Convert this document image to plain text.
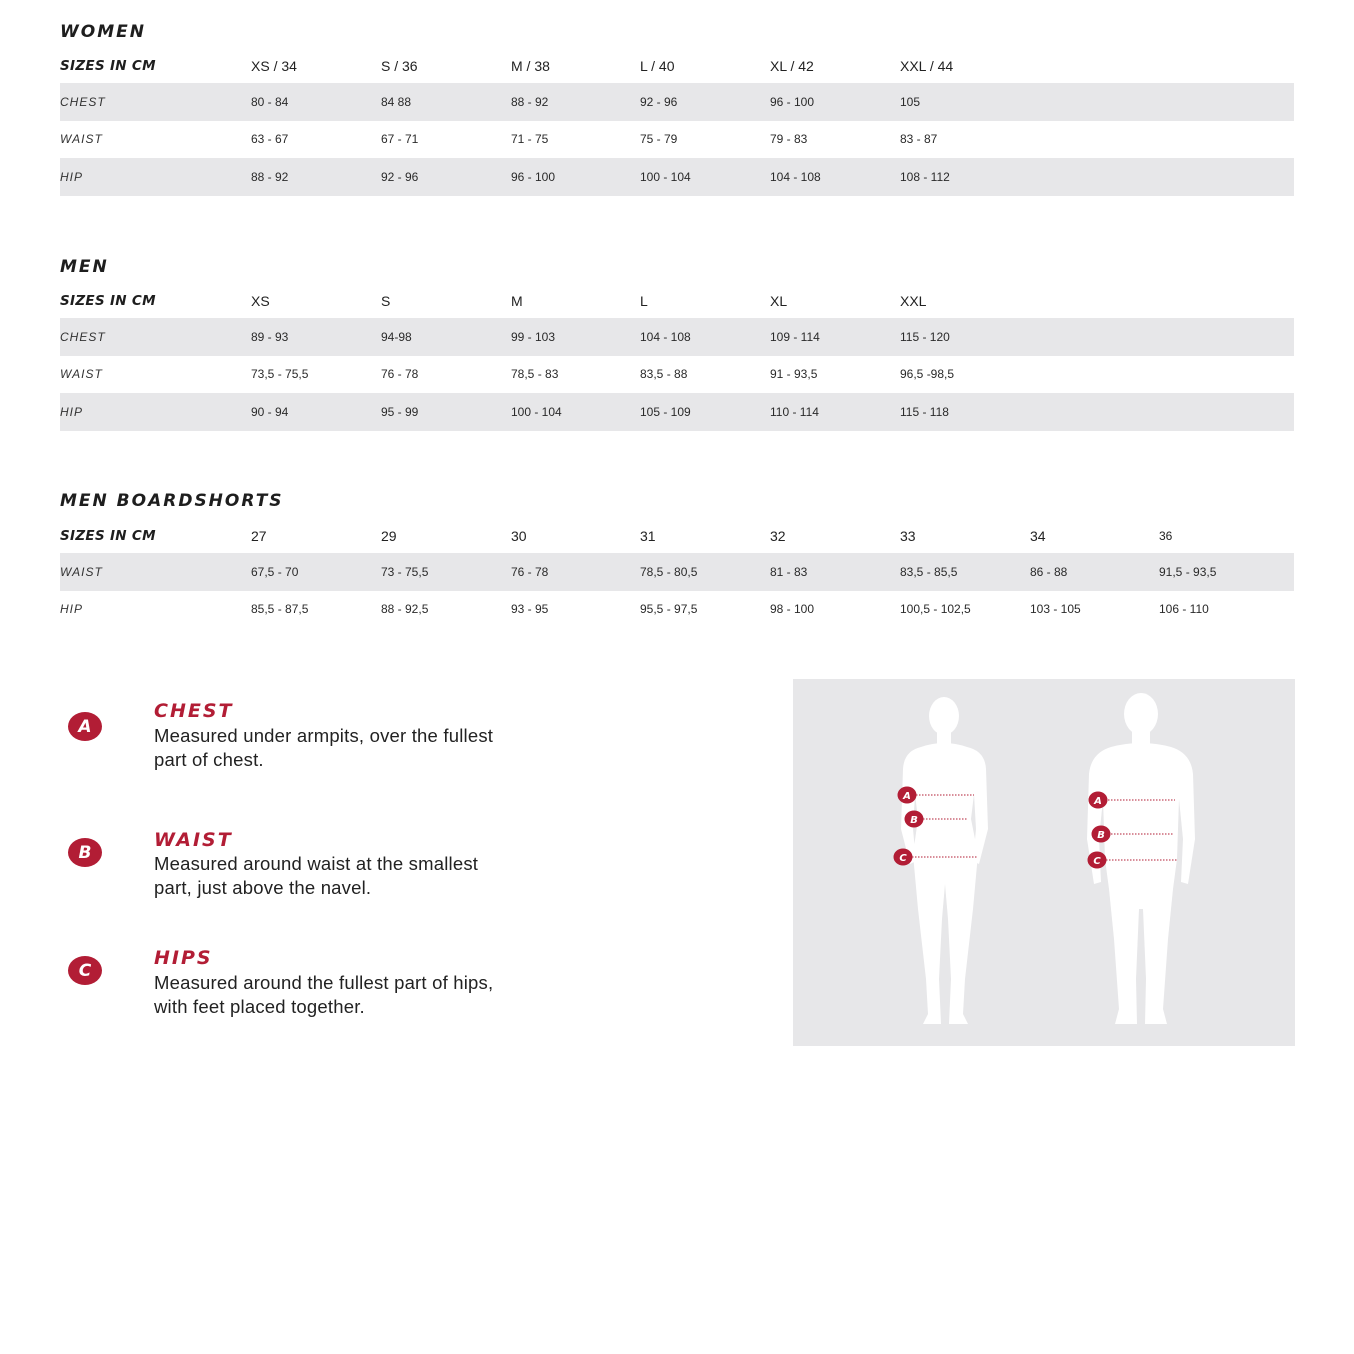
WOMEN
SIZES IN CM	XS / 34	S / 36	M / 38	L / 40	XL / 42	XXL / 44
CHEST	80 - 84	84 88	88 - 92	92 - 96	96 - 100	105
WAIST	63 - 67	67 - 71	71 - 75	75 - 79	79 - 83	83 - 87
HIP	88 - 92	92 - 96	96 - 100	100 - 104	104 - 108	108 - 112
MEN
SIZES IN CM	XS	S	M	L	XL	XXL
CHEST	89 - 93	94-98	99 - 103	104 - 108	109 - 114	115 - 120
WAIST	73,5 - 75,5	76 - 78	78,5 - 83	83,5 - 88	91 - 93,5	96,5 -98,5
HIP	90 - 94	95 - 99	100 - 104	105 - 109	110 - 114	115 - 118
MEN BOARDSHORTS
SIZES IN CM	27	29	30	31	32	33	34	36
WAIST	67,5 - 70	73 - 75,5	76 - 78	78,5 - 80,5	81 - 83	83,5 - 85,5	86 - 88	91,5 - 93,5
HIP	85,5 - 87,5	88 - 92,5	93 - 95	95,5 - 97,5	98 - 100	100,5 - 102,5	103 - 105	106 - 110
A
CHEST
Measured under armpits, over the fullest
part of chest.
B
WAIST
Measured around waist at the smallest
part, just above the navel.
C
HIPS
Measured around the fullest part of hips,
with feet placed together.
A
B
C
A
B
C
